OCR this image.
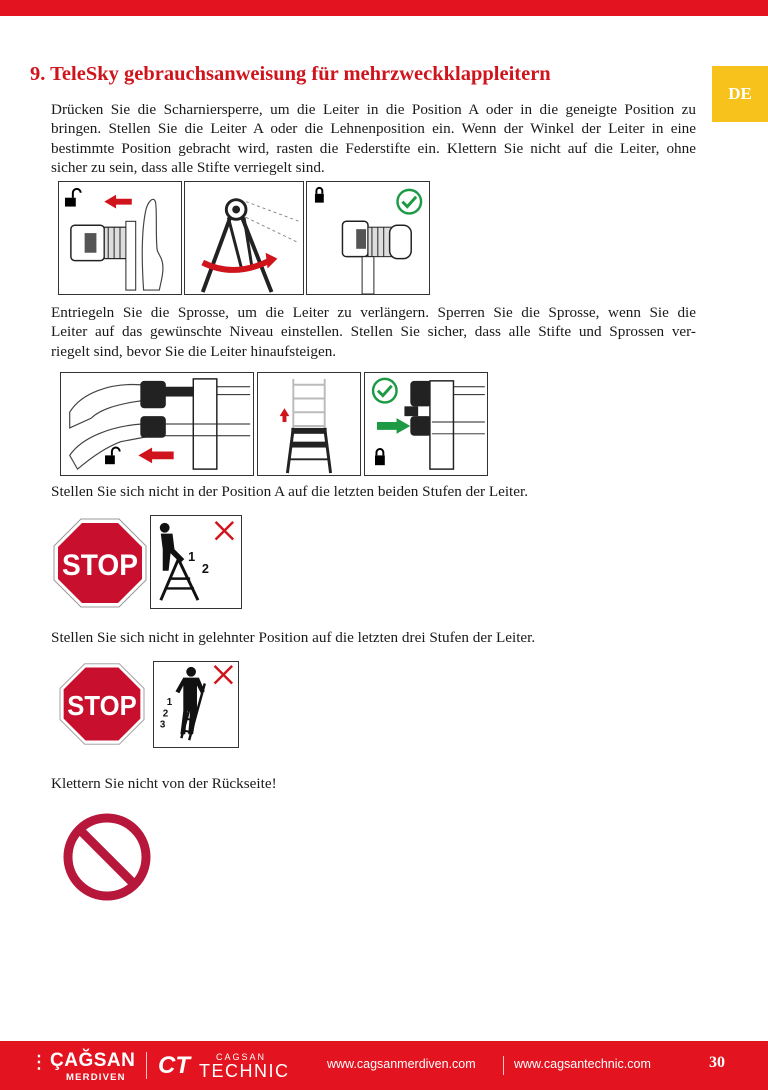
DE
9. TeleSky gebrauchsanweisung für mehrzweckklappleitern
Drücken Sie die Scharniersperre, um die Leiter in die Position A oder in die geneigte Position zu
bringen. Stellen Sie die Leiter A oder die Lehnenposition ein. Wenn der Winkel der Leiter in eine
bestimmte Position gebracht wird, rasten die Federstifte ein. Klettern Sie nicht auf die Leiter, ohne
sicher zu sein, dass alle Stifte verriegelt sind.
Entriegeln Sie die Sprosse, um die Leiter zu verlängern. Sperren Sie die Sprosse, wenn Sie die
Leiter auf das gewünschte Niveau einstellen. Stellen Sie sicher, dass alle Stifte und Sprossen ver-
riegelt sind, bevor Sie die Leiter hinaufsteigen.
Stellen Sie sich nicht in der Position A auf die letzten beiden Stufen der Leiter.
STOP	1
2
Stellen Sie sich nicht in gelehnter Position auf die letzten drei Stufen der Leiter.
STOP	1
2
3
Klettern Sie nicht von der Rückseite!
⫶ ÇAĞSAN
MERDIVEN CT	CAGSAN
TECHNIC	www.cagsanmerdiven.com	www.cagsantechnic.com	30
